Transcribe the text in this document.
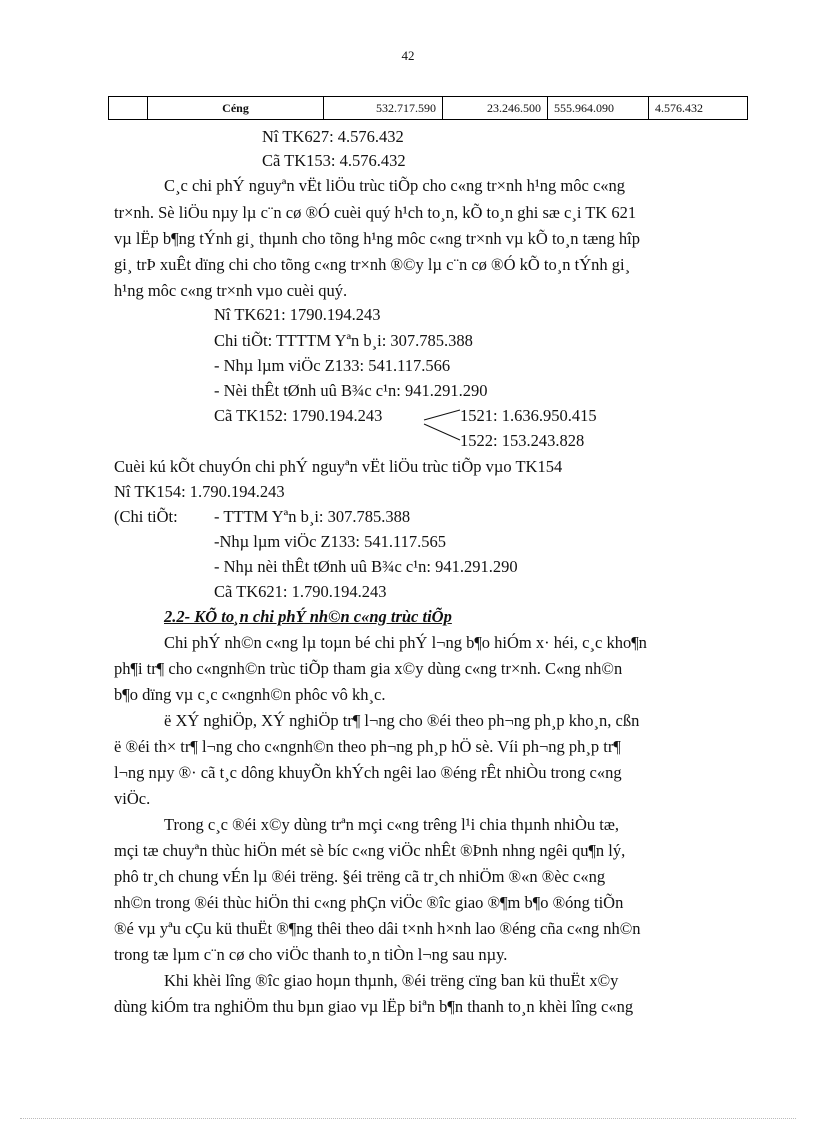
42
	Céng	532.717.590	23.246.500	555.964.090	4.576.432
Nî TK627: 4.576.432
Cã TK153: 4.576.432
C¸c chi phÝ nguyªn vËt liÖu trùc tiÕp cho c«ng tr×nh h¹ng môc c«ng
tr×nh. Sè liÖu nµy lµ c¨n cø ®Ó cuèi quý h¹ch to¸n, kÕ to¸n ghi sæ c¸i TK 621
vµ lËp b¶ng tÝnh gi¸ thµnh cho tõng h¹ng môc c«ng tr×nh vµ kÕ to¸n tæng hîp
gi¸ trÞ xuÊt dïng chi cho tõng c«ng tr×nh ®©y lµ c¨n cø ®Ó kÕ to¸n tÝnh gi¸
h¹ng môc c«ng tr×nh vµo cuèi quý.
Nî TK621: 1790.194.243
Chi tiÕt: TTTTM Yªn b¸i: 307.785.388
- Nhµ lµm viÖc Z133: 541.117.566
- Nèi thÊt tØnh uû B¾c c¹n: 941.291.290
Cã TK152: 1790.194.243	1521: 1.636.950.415
1522: 153.243.828
Cuèi kú kÕt chuyÓn chi phÝ nguyªn vËt liÖu trùc tiÕp vµo TK154
Nî TK154: 1.790.194.243
(Chi tiÕt: - TTTM Yªn b¸i: 307.785.388
-Nhµ lµm viÖc Z133: 541.117.565
- Nhµ nèi thÊt tØnh uû B¾c c¹n: 941.291.290
Cã TK621: 1.790.194.243
2.2- KÕ to¸n chi phÝ nh©n c«ng trùc tiÕp
Chi phÝ nh©n c«ng lµ toµn bé chi phÝ l¬ng b¶o hiÓm x· héi, c¸c kho¶n
ph¶i tr¶ cho c«ngnh©n trùc tiÕp tham gia x©y dùng c«ng tr×nh. C«ng nh©n
b¶o dïng vµ c¸c c«ngnh©n phôc vô kh¸c.
ë XÝ nghiÖp, XÝ nghiÖp tr¶ l¬ng cho ®éi theo ph¬ng ph¸p kho¸n, cßn
ë ®éi th× tr¶ l¬ng cho c«ngnh©n theo ph¬ng ph¸p hÖ sè. Víi ph¬ng ph¸p tr¶
l¬ng nµy ®· cã t¸c dông khuyÕn khÝch ngêi lao ®éng rÊt nhiÒu trong c«ng
viÖc.
Trong c¸c ®éi x©y dùng trªn mçi c«ng trêng l¹i chia thµnh nhiÒu tæ,
mçi tæ chuyªn thùc hiÖn mét sè bíc c«ng viÖc nhÊt ®Þnh nhng ngêi qu¶n lý,
phô tr¸ch chung vÉn lµ ®éi trëng. §éi trëng cã tr¸ch nhiÖm ®«n ®èc c«ng
nh©n trong ®éi thùc hiÖn thi c«ng phÇn viÖc ®îc giao ®¶m b¶o ®óng tiÕn
®é vµ yªu cÇu kü thuËt ®¶ng thêi theo dâi t×nh h×nh lao ®éng cña c«ng nh©n
trong tæ lµm c¨n cø cho viÖc thanh to¸n tiÒn l¬ng sau nµy.
Khi khèi lîng ®îc giao hoµn thµnh, ®éi trëng cïng ban kü thuËt x©y
dùng kiÓm tra nghiÖm thu bµn giao vµ lËp biªn b¶n thanh to¸n khèi lîng c«ng
